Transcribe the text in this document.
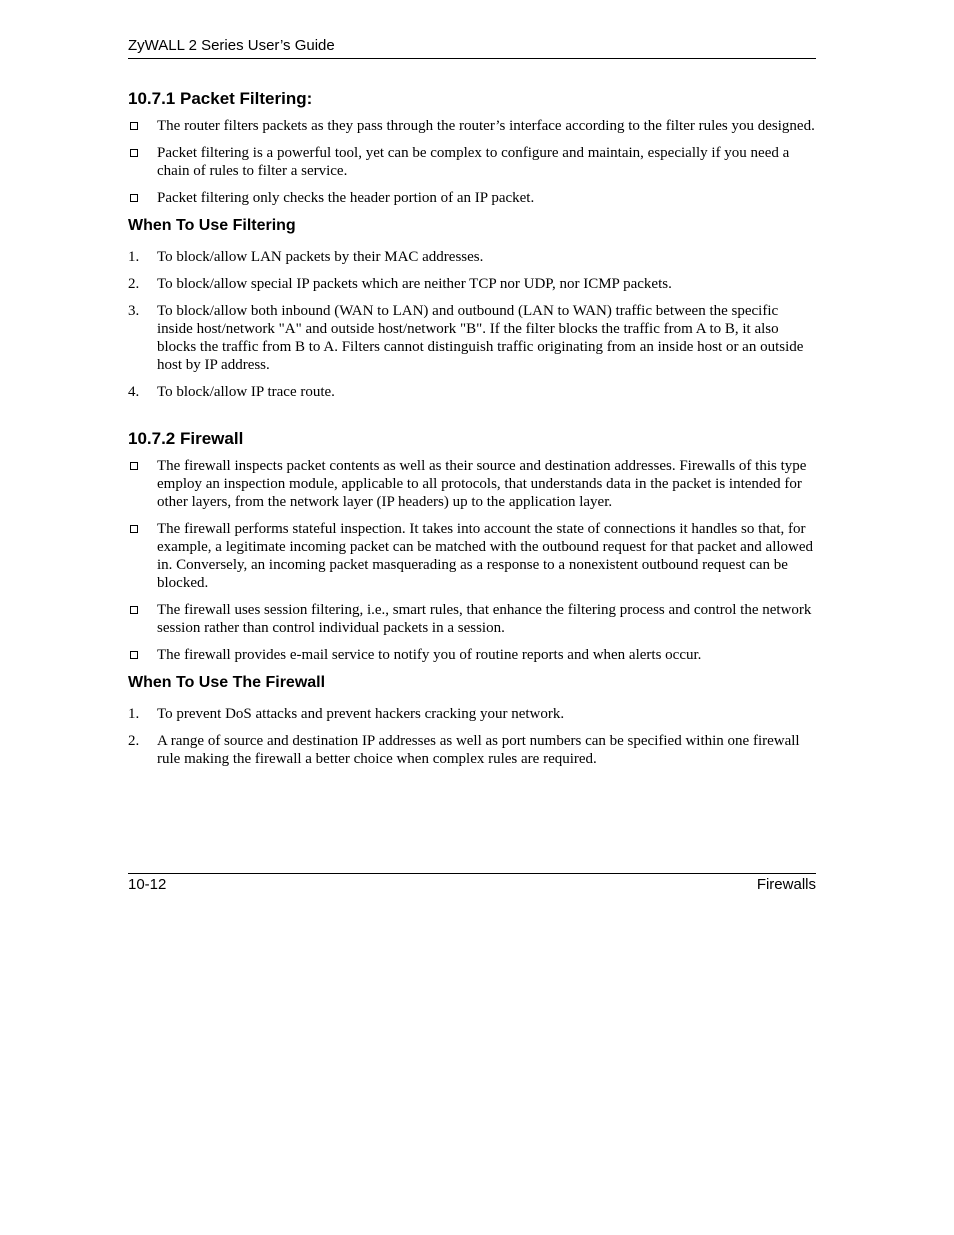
ZyWALL 2 Series User’s Guide
10.7.1 Packet Filtering:
The router filters packets as they pass through the router’s interface according to the filter rules you designed.
Packet filtering is a powerful tool, yet can be complex to configure and maintain, especially if you need a chain of rules to filter a service.
Packet filtering only checks the header portion of an IP packet.
When To Use Filtering
1. To block/allow LAN packets by their MAC addresses.
2. To block/allow special IP packets which are neither TCP nor UDP, nor ICMP packets.
3. To block/allow both inbound (WAN to LAN) and outbound (LAN to WAN) traffic between the specific inside host/network "A" and outside host/network "B". If the filter blocks the traffic from A to B, it also blocks the traffic from B to A. Filters cannot distinguish traffic originating from an inside host or an outside host by IP address.
4. To block/allow IP trace route.
10.7.2 Firewall
The firewall inspects packet contents as well as their source and destination addresses. Firewalls of this type employ an inspection module, applicable to all protocols, that understands data in the packet is intended for other layers, from the network layer (IP headers) up to the application layer.
The firewall performs stateful inspection. It takes into account the state of connections it handles so that, for example, a legitimate incoming packet can be matched with the outbound request for that packet and allowed in. Conversely, an incoming packet masquerading as a response to a nonexistent outbound request can be blocked.
The firewall uses session filtering, i.e., smart rules, that enhance the filtering process and control the network session rather than control individual packets in a session.
The firewall provides e-mail service to notify you of routine reports and when alerts occur.
When To Use The Firewall
1. To prevent DoS attacks and prevent hackers cracking your network.
2. A range of source and destination IP addresses as well as port numbers can be specified within one firewall rule making the firewall a better choice when complex rules are required.
10-12	Firewalls
